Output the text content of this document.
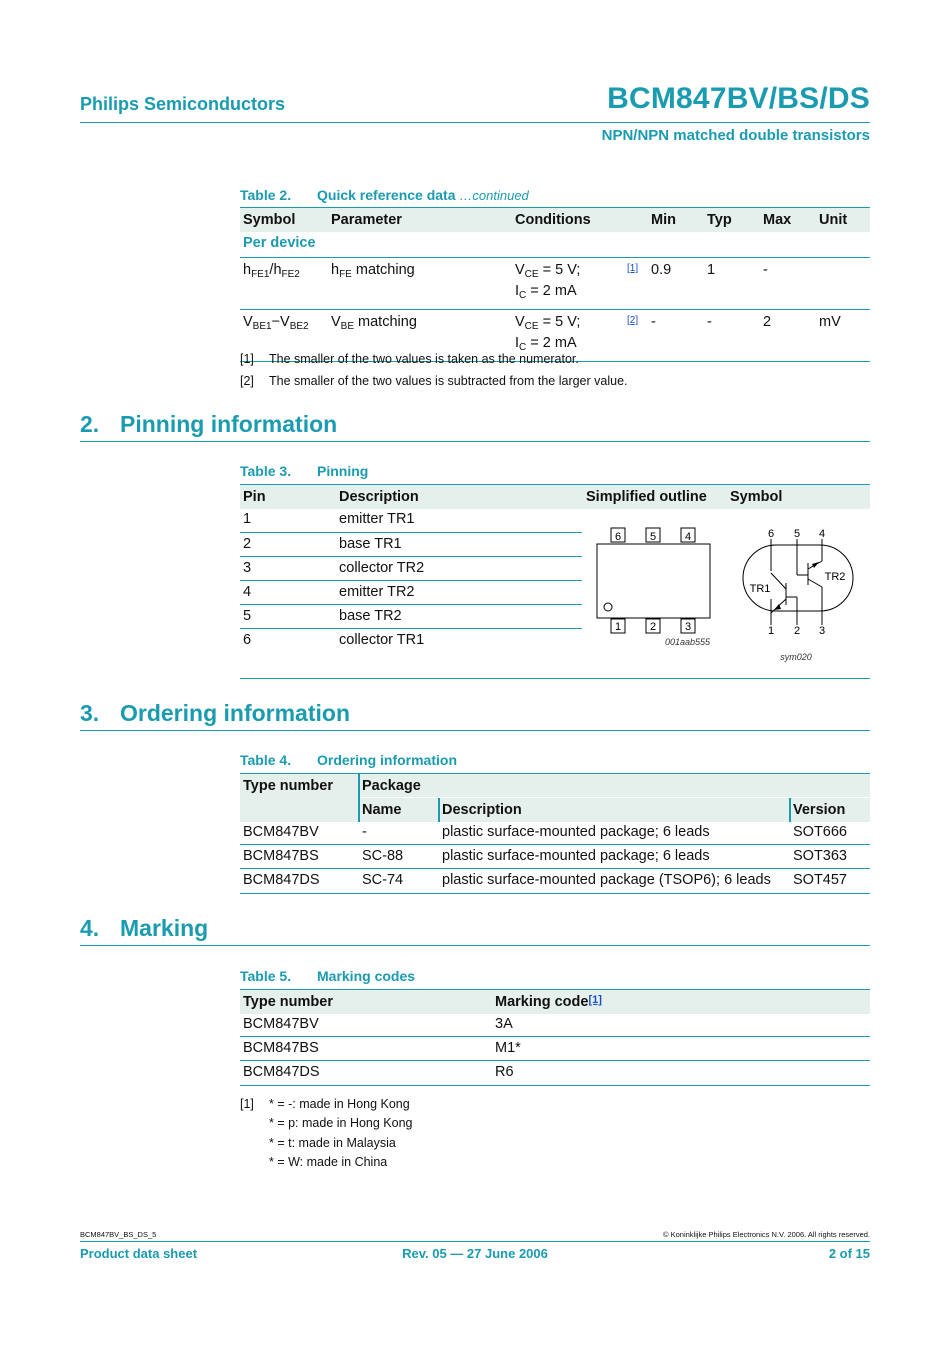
Philips Semiconductors	BCM847BV/BS/DS
NPN/NPN matched double transistors
Table 2. Quick reference data …continued
Symbol	Parameter	Conditions		Min	Typ	Max	Unit
Per device							
$h_{FE1}/h_{FE2}$	$h_{FE}$ matching	$V_{CE} = 5$ V;
$I_C = 2$ mA	[1]	0.9	1	-	
$V_{BE1}-V_{BE2}$	$V_{BE}$ matching	$V_{CE} = 5$ V;
$I_C = 2$ mA	[2]	-	-	2	mV
[1] The smaller of the two values is taken as the numerator.
[2] The smaller of the two values is subtracted from the larger value.
2. Pinning information
Table 3. Pinning
Pin	Description	Simplified outline Symbol
1	emitter TR1
2	base TR1
3	collector TR2
4	emitter TR2
5	base TR2
6	collector TR1
6	5	4
1	2	3
001aab555
6 5 4
1 2 3
TR1
TR2
sym020
3. Ordering information
Table 4. Ordering information
Type number Package
Name	Description	Version
BCM847BV	-	plastic surface-mounted package; 6 leads	SOT666
BCM847BS	SC-88	plastic surface-mounted package; 6 leads	SOT363
BCM847DS	SC-74	plastic surface-mounted package (TSOP6); 6 leads SOT457
4. Marking
Table 5. Marking codes
Type number	Marking code[1]
BCM847BV	3A
BCM847BS	M1*
BCM847DS	R6
[1] * = -: made in Hong Kong
* = p: made in Hong Kong
* = t: made in Malaysia
* = W: made in China
BCM847BV_BS_DS_5	© Koninklijke Philips Electronics N.V. 2006. All rights reserved.
Product data sheet	Rev. 05 — 27 June 2006	2 of 15
